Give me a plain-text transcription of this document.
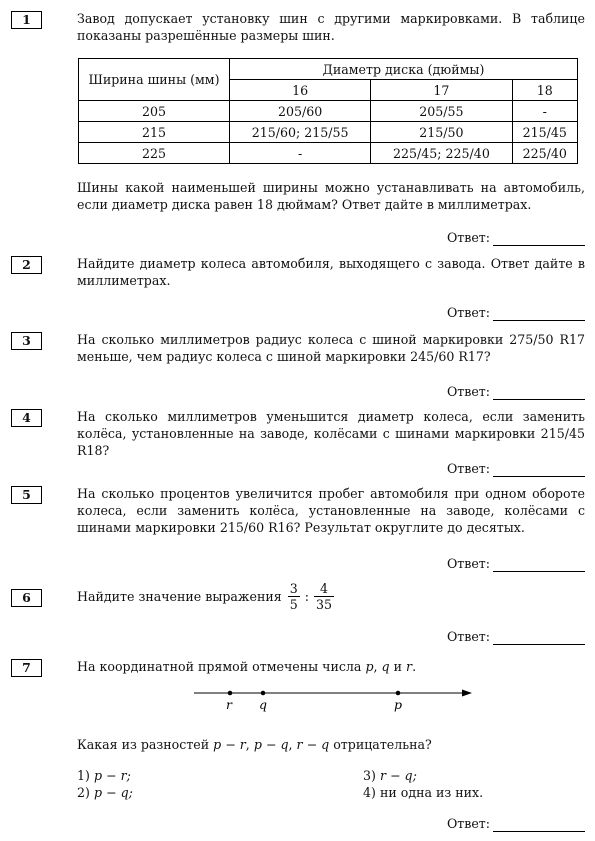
1	Завод допускает установку шин с другими маркировками. В таблице показаны разрешённые размеры шин.

Ширина шины (мм)	Диаметр диска (дюймы)		
	16	17	18
205	205/60	205/55	-
215	215/60; 215/55	215/50	215/45
225	-	225/45; 225/40	225/40

Шины какой наименьшей ширины можно устанавливать на автомобиль, если диаметр диска равен 18 дюймам? Ответ дайте в миллиметрах.

Ответ:
2	Найдите диаметр колеса автомобиля, выходящего с завода. Ответ дайте в миллиметрах.

Ответ:
3	На сколько миллиметров радиус колеса с шиной маркировки 275/50 R17 меньше, чем радиус колеса с шиной маркировки 245/60 R17?

Ответ:
4	На сколько миллиметров уменьшится диаметр колеса, если заменить колёса, установленные на заводе, колёсами с шинами маркировки 215/45 R18?

Ответ:
5	На сколько процентов увеличится пробег автомобиля при одном обороте колеса, если заменить колёса, установленные на заводе, колёсами с шинами маркировки 215/60 R16? Результат округлите до десятых.

Ответ:
6	Найдите значение выражения $\frac{3}{5}$ : $\frac{4}{35}$
Ответ:
7	На координатной прямой отмечены числа p, q и r.

r q	p

Какая из разностей p − r, p − q, r − q отрицательна?

1) p − r;
2) p − q;
3) r − q;
4) ни одна из них.
Ответ:
